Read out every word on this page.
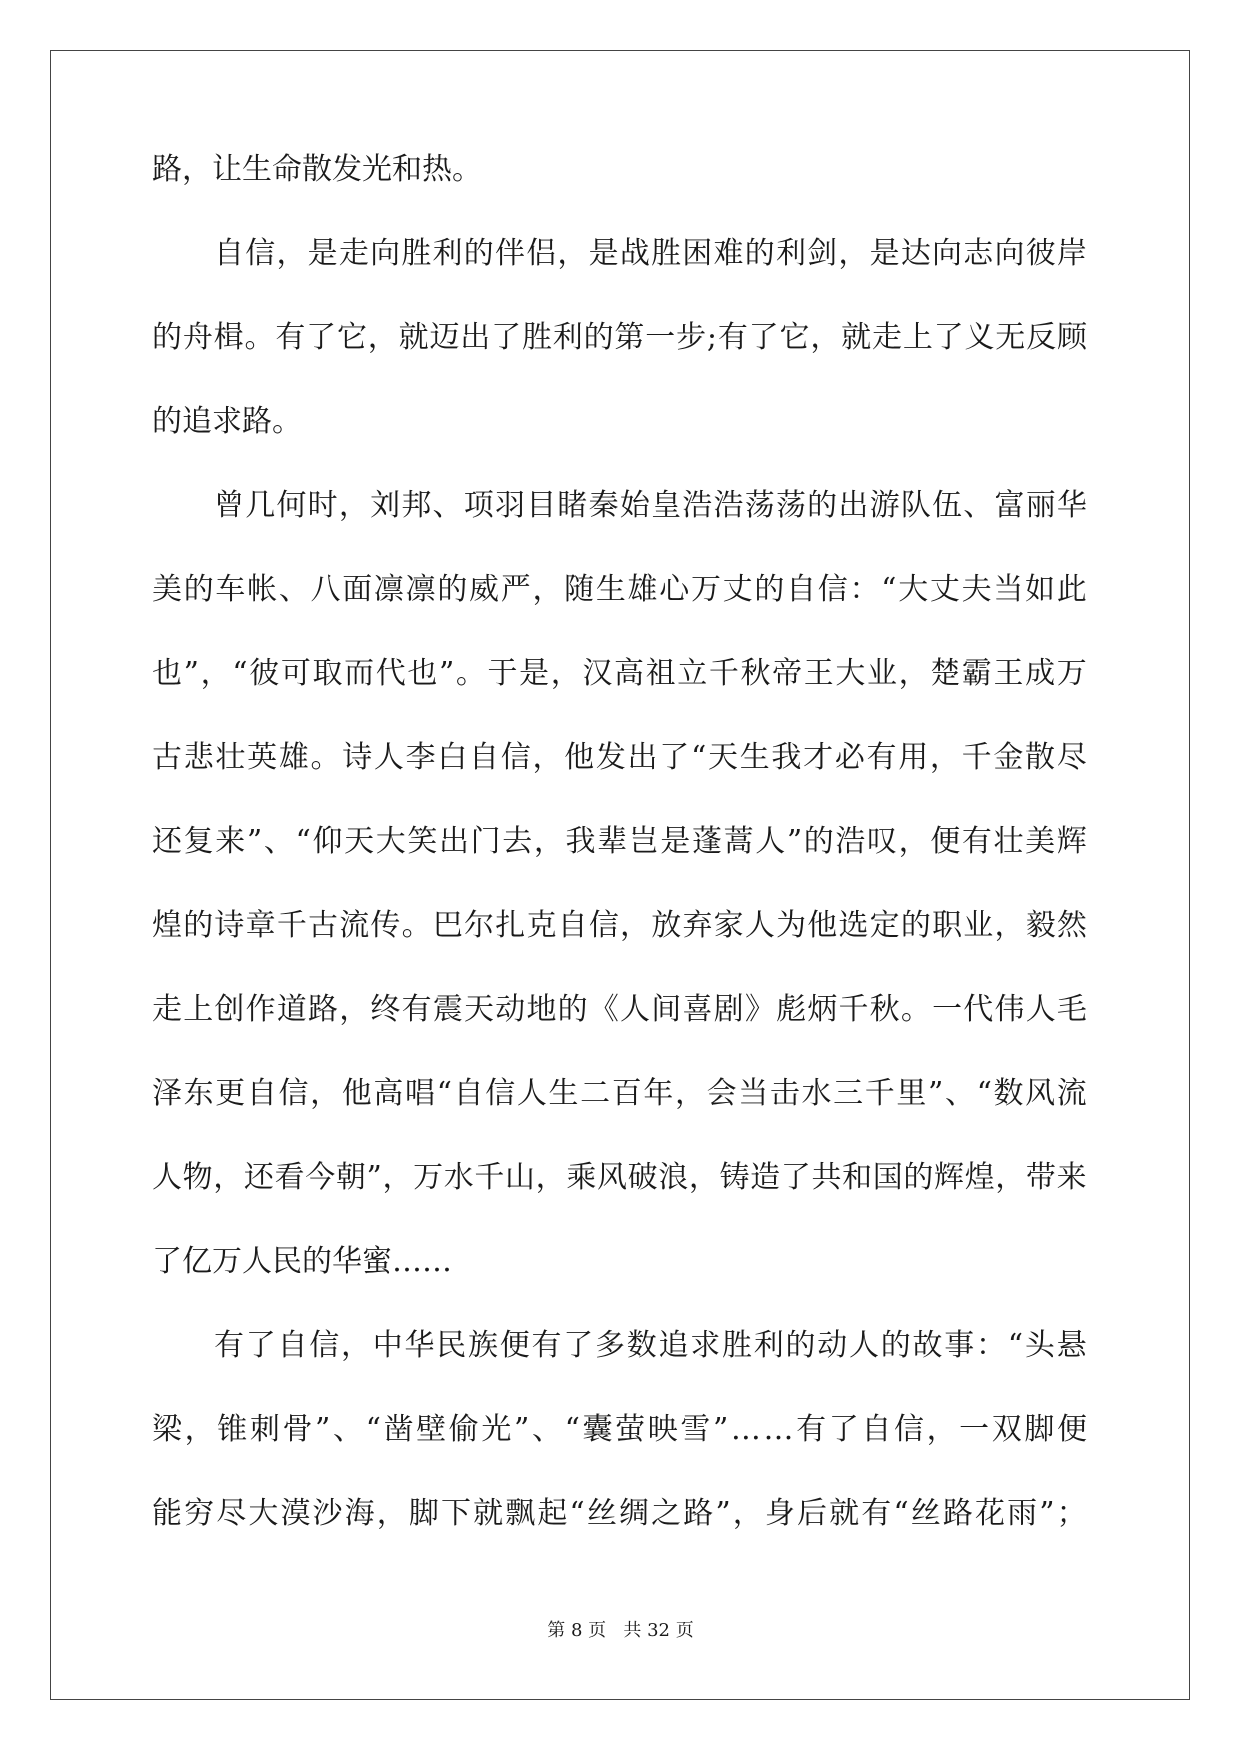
路，让生命散发光和热。
自 信 ， 是 走 向 胜 利 的 伴 侣 ， 是 战 胜 困 难 的 利 剑 ， 是 达 向 志 向 彼 岸
的 舟 楫 。 有 了 它 ， 就 迈 出 了 胜 利 的 第 一 步 ; 有 了 它 ， 就 走 上 了 义 无 反 顾
的追求路。
曾 几 何 时 ， 刘 邦 、 项 羽 目 睹 秦 始 皇 浩 浩 荡 荡 的 出 游 队 伍 、 富 丽 华
美 的 车 帐 、 八 面 凛 凛 的 威 严 ， 随 生 雄 心 万 丈 的 自 信 ： “ 大 丈 夫 当 如 此
也 ” ， “ 彼 可 取 而 代 也 ” 。 于 是 ， 汉 高 祖 立 千 秋 帝 王 大 业 ， 楚 霸 王 成 万
古 悲 壮 英 雄 。 诗 人 李 白 自 信 ， 他 发 出 了 “ 天 生 我 才 必 有 用 ， 千 金 散 尽
还 复 来 ” 、 “ 仰 天 大 笑 出 门 去 ， 我 辈 岂 是 蓬 蒿 人 ” 的 浩 叹 ， 便 有 壮 美 辉
煌 的 诗 章 千 古 流 传 。 巴 尔 扎 克 自 信 ， 放 弃 家 人 为 他 选 定 的 职 业 ， 毅 然
走 上 创 作 道 路 ， 终 有 震 天 动 地 的 《 人 间 喜 剧 》 彪 炳 千 秋 。 一 代 伟 人 毛
泽 东 更 自 信 ， 他 高 唱 “ 自 信 人 生 二 百 年 ， 会 当 击 水 三 千 里 ” 、 “ 数 风 流
人 物 ， 还 看 今 朝 ” ， 万 水 千 山 ， 乘 风 破 浪 ， 铸 造 了 共 和 国 的 辉 煌 ， 带 来
了亿万人民的华蜜……
有 了 自 信 ， 中 华 民 族 便 有 了 多 数 追 求 胜 利 的 动 人 的 故 事 ： “ 头 悬
梁 ， 锥 刺 骨 ” 、 “ 凿 壁 偷 光 ” 、 “ 囊 萤 映 雪 ” … … 有 了 自 信 ， 一 双 脚 便
能 穷 尽 大 漠 沙 海 ， 脚 下 就 飘 起 “ 丝 绸 之 路 ” ， 身 后 就 有 “ 丝 路 花 雨 ” ；
第 8 页   共 32 页
